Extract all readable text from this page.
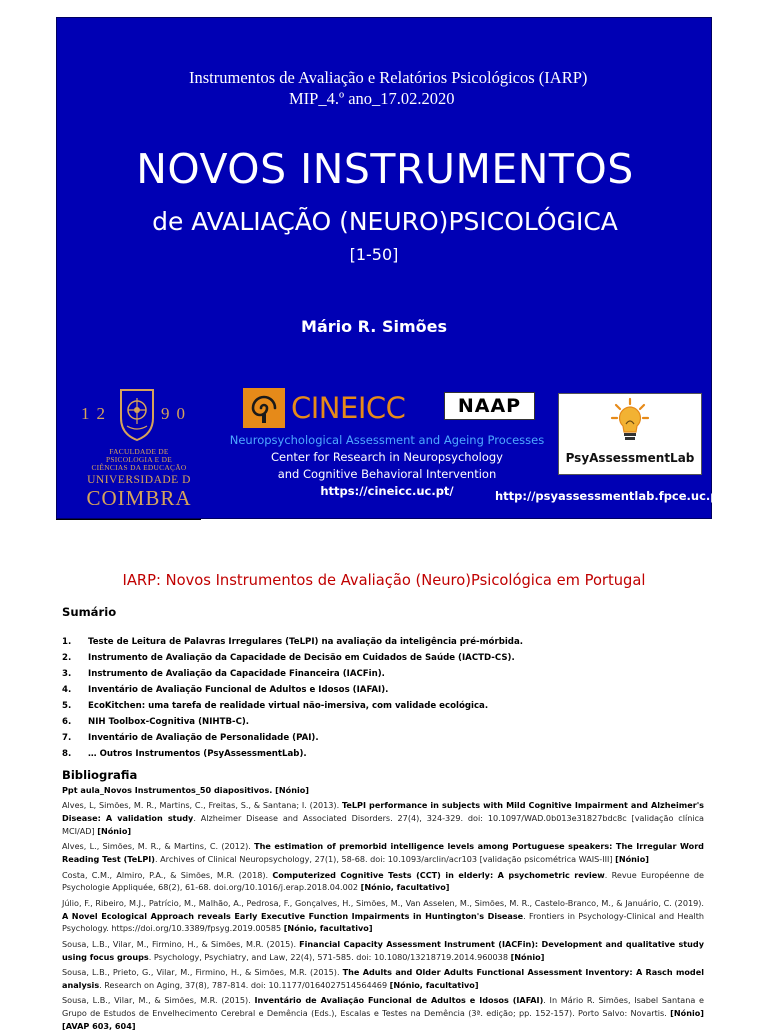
Instrumentos de Avaliação e Relatórios Psicológicos (IARP)
MIP_4.º ano_17.02.2020
NOVOS INSTRUMENTOS
de AVALIAÇÃO (NEURO)PSICOLÓGICA
[1-50]
Mário R. Simões
12	90
FACULDADE DE
PSICOLOGIA E DE
CIÊNCIAS DA EDUCAÇÃO
UNIVERSIDADE D
COIMBRA
CINEICC	NAAP
PsyAssessmentLab
Neuropsychological Assessment and Ageing Processes
Center for Research in Neuropsychology
and Cognitive Behavioral Intervention
https://cineicc.uc.pt/	http://psyassessmentlab.fpce.uc.pt
IARP: Novos Instrumentos de Avaliação (Neuro)Psicológica em Portugal
Sumário
1. Teste de Leitura de Palavras Irregulares (TeLPI) na avaliação da inteligência pré-mórbida.
2. Instrumento de Avaliação da Capacidade de Decisão em Cuidados de Saúde (IACTD-CS).
3. Instrumento de Avaliação da Capacidade Financeira (IACFin).
4. Inventário de Avaliação Funcional de Adultos e Idosos (IAFAI).
5. EcoKitchen: uma tarefa de realidade virtual não-imersiva, com validade ecológica.
6. NIH Toolbox-Cognitiva (NIHTB-C).
7. Inventário de Avaliação de Personalidade (PAI).
8. … Outros Instrumentos (PsyAssessmentLab).
Bibliografia

Ppt aula_Novos Instrumentos_50 diapositivos. [Nónio]

Alves, L, Simões, M. R., Martins, C., Freitas, S., & Santana; I. (2013). TeLPI performance in subjects with Mild Cognitive Impairment and Alzheimer's Disease: A validation study. Alzheimer Disease and Associated Disorders. 27(4), 324-329. doi: 10.1097/WAD.0b013e31827bdc8c [validação clínica MCI/AD] [Nónio]

Alves, L., Simões, M. R., & Martins, C. (2012). The estimation of premorbid intelligence levels among Portuguese speakers: The Irregular Word Reading Test (TeLPI). Archives of Clinical Neuropsychology, 27(1), 58-68. doi: 10.1093/arclin/acr103 [validação psicométrica WAIS-III] [Nónio]

Costa, C.M., Almiro, P.A., & Simões, M.R. (2018). Computerized Cognitive Tests (CCT) in elderly: A psychometric review. Revue Européenne de Psychologie Appliquée, 68(2), 61-68. doi.org/10.1016/j.erap.2018.04.002 [Nónio, facultativo]

Júlio, F., Ribeiro, M.J., Patrício, M., Malhão, A., Pedrosa, F., Gonçalves, H., Simões, M., Van Asselen, M., Simões, M. R., Castelo-Branco, M., & Januário, C. (2019). A Novel Ecological Approach reveals Early Executive Function Impairments in Huntington's Disease. Frontiers in Psychology-Clinical and Health Psychology. https://doi.org/10.3389/fpsyg.2019.00585 [Nónio, facultativo]

Sousa, L.B., Vilar, M., Firmino, H., & Simões, M.R. (2015). Financial Capacity Assessment Instrument (IACFin): Development and qualitative study using focus groups. Psychology, Psychiatry, and Law, 22(4), 571-585. doi: 10.1080/13218719.2014.960038 [Nónio]

Sousa, L.B., Prieto, G., Vilar, M., Firmino, H., & Simões, M.R. (2015). The Adults and Older Adults Functional Assessment Inventory: A Rasch model analysis. Research on Aging, 37(8), 787-814. doi: 10.1177/0164027514564469 [Nónio, facultativo]

Sousa, L.B., Vilar, M., & Simões, M.R. (2015). Inventário de Avaliação Funcional de Adultos e Idosos (IAFAI). In Mário R. Simões, Isabel Santana e Grupo de Estudos de Envelhecimento Cerebral e Demência (Eds.), Escalas e Testes na Demência (3ª. edição; pp. 152-157). Porto Salvo: Novartis. [Nónio] [AVAP 603, 604]
